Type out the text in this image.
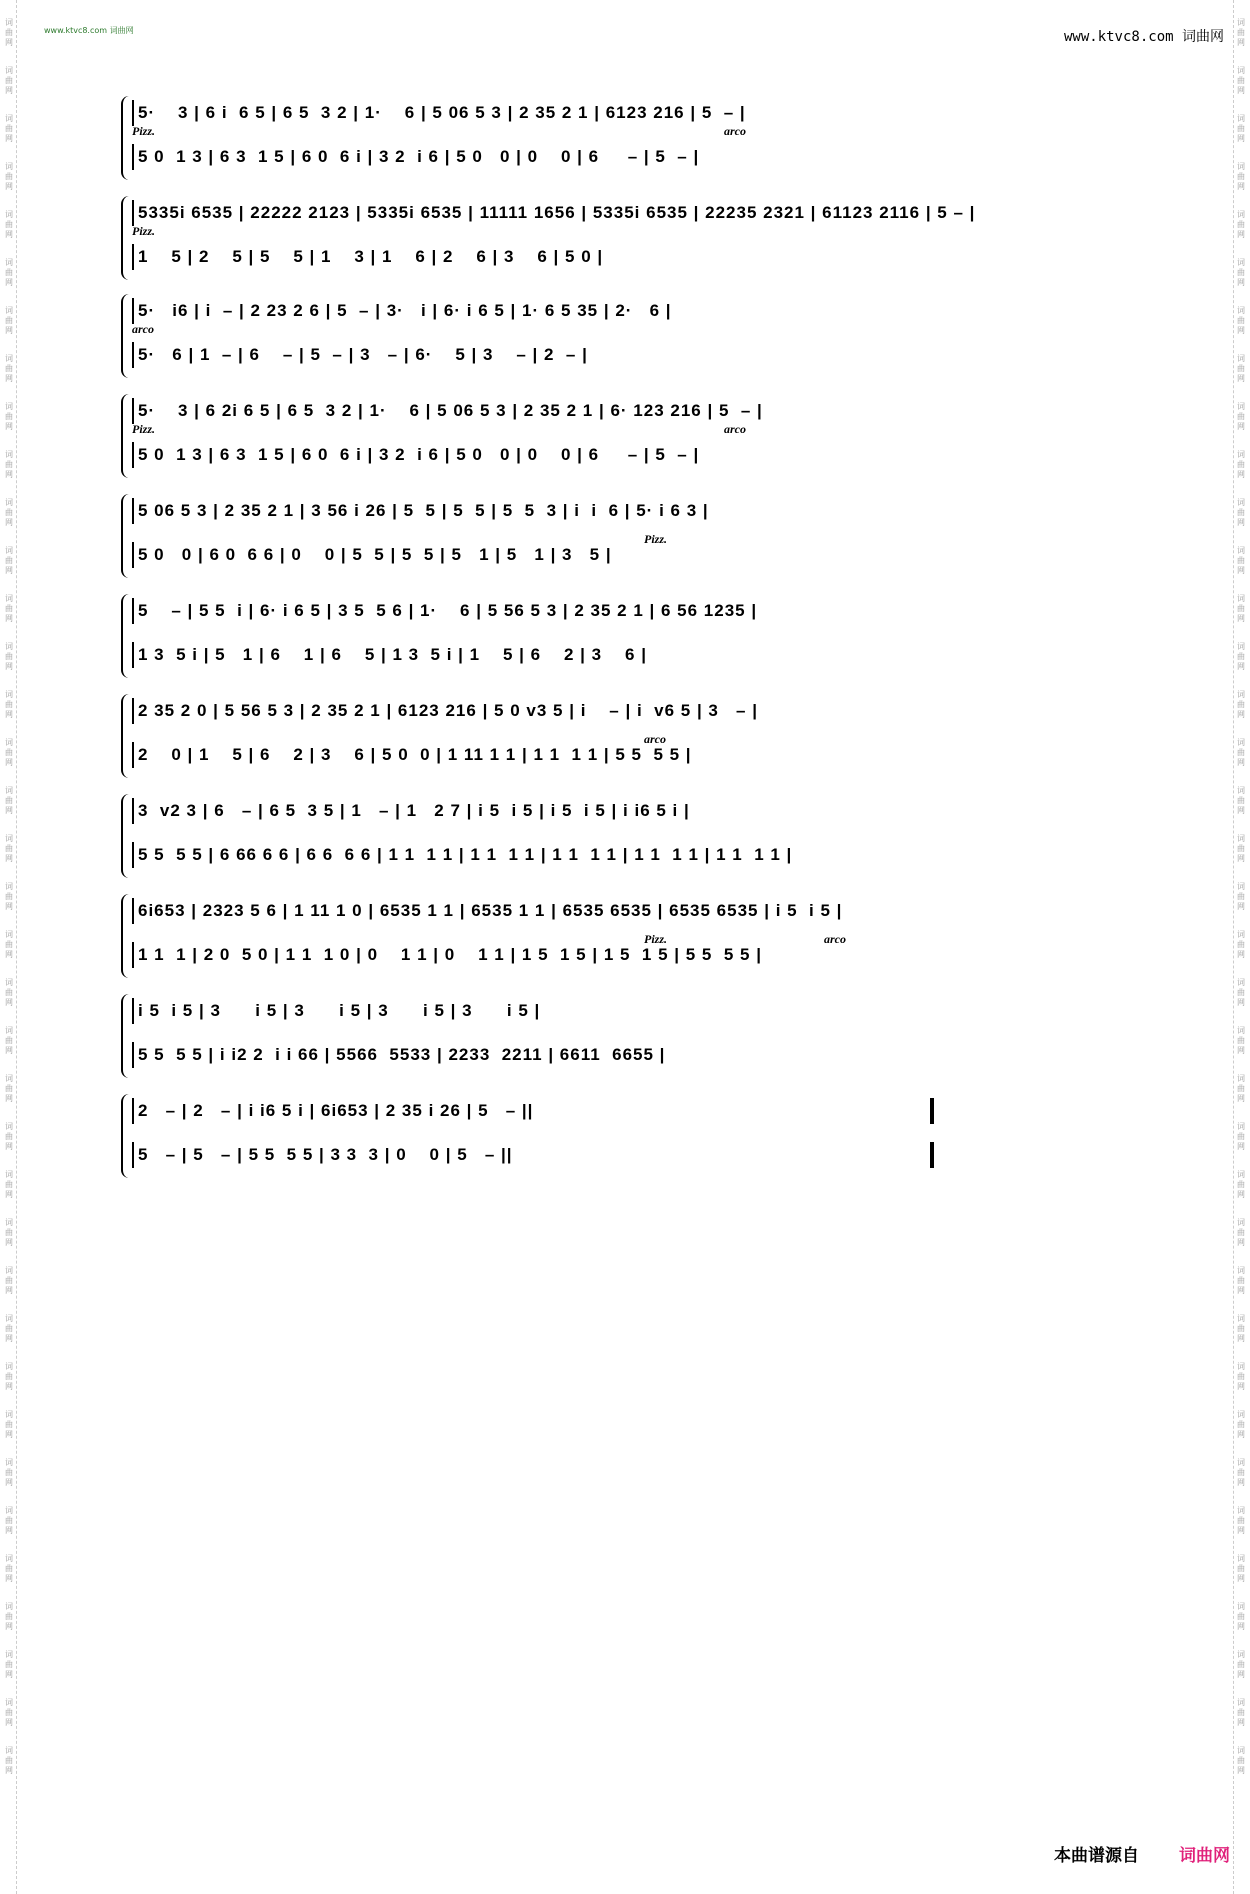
词
曲
网
词
曲
网
词
曲
网
词
曲
网
词
曲
网
词
曲
网
词
曲
网
词
曲
网
词
曲
网
词
曲
网
词
曲
网
词
曲
网
词
曲
网
词
曲
网
词
曲
网
词
曲
网
词
曲
网
词
曲
网
词
曲
网
词
曲
网
词
曲
网
词
曲
网
词
曲
网
词
曲
网
词
曲
网
词
曲
网
词
曲
网
词
曲
网
词
曲
网
词
曲
网
词
曲
网
词
曲
网
词
曲
网
词
曲
网
词
曲
网
词
曲
网
词
曲
网
词
曲
网
词
曲
网
词
曲
网
词
曲
网
词
曲
网
词
曲
网
词
曲
网
词
曲
网
词
曲
网
词
曲
网
词
曲
网
词
曲
网
词
曲
网
词
曲
网
词
曲
网
词
曲
网
词
曲
网
词
曲
网
词
曲
网
词
曲
网
词
曲
网
词
曲
网
词
曲
网
词
曲
网
词
曲
网
词
曲
网
词
曲
网
词
曲
网
词
曲
网
词
曲
网
词
曲
网
词
曲
网
词
曲
网
词
曲
网
词
曲
网
词
曲
网
词
曲
网
www.ktvc8.com 词曲网	www.ktvc8.com 词曲网
5·    3 | 6 i  6 5 | 6 5  3 2 | 1·    6 | 5 06 5 3 | 2 35 2 1 | 6123 216 | 5  – |
5 0  1 3 | 6 3  1 5 | 6 0  6 i | 3 2  i 6 | 5 0   0 | 0    0 | 6     – | 5  – |
Pizz.	arco
5335i 6535 | 22222 2123 | 5335i 6535 | 11111 1656 | 5335i 6535 | 22235 2321 | 61123 2116 | 5 – |
1    5 | 2    5 | 5    5 | 1    3 | 1    6 | 2    6 | 3    6 | 5 0 |
Pizz.
5·   i6 | i  – | 2 23 2 6 | 5  – | 3·   i | 6· i 6 5 | 1· 6 5 35 | 2·   6 |
5·   6 | 1  – | 6    – | 5  – | 3   – | 6·    5 | 3    – | 2  – |
arco
5·    3 | 6 2i 6 5 | 6 5  3 2 | 1·    6 | 5 06 5 3 | 2 35 2 1 | 6· 123 216 | 5  – |
5 0  1 3 | 6 3  1 5 | 6 0  6 i | 3 2  i 6 | 5 0   0 | 0    0 | 6     – | 5  – |
Pizz.	arco
5 06 5 3 | 2 35 2 1 | 3 56 i 26 | 5  5 | 5  5 | 5  5  3 | i  i  6 | 5· i 6 3 |
5 0   0 | 6 0  6 6 | 0    0 | 5  5 | 5  5 | 5   1 | 5   1 | 3   5 |
Pizz.
5    – | 5 5  i | 6· i 6 5 | 3 5  5 6 | 1·    6 | 5 56 5 3 | 2 35 2 1 | 6 56 1235 |
1 3  5 i | 5   1 | 6    1 | 6    5 | 1 3  5 i | 1    5 | 6    2 | 3    6 |
2 35 2 0 | 5 56 5 3 | 2 35 2 1 | 6123 216 | 5 0 v3 5 | i    – | i  v6 5 | 3   – |
2    0 | 1    5 | 6    2 | 3    6 | 5 0  0 | 1 11 1 1 | 1 1  1 1 | 5 5  5 5 |
arco
3  v2 3 | 6   – | 6 5  3 5 | 1   – | 1   2 7 | i 5  i 5 | i 5  i 5 | i i6 5 i |
5 5  5 5 | 6 66 6 6 | 6 6  6 6 | 1 1  1 1 | 1 1  1 1 | 1 1  1 1 | 1 1  1 1 | 1 1  1 1 |
6i653 | 2323 5 6 | 1 11 1 0 | 6535 1 1 | 6535 1 1 | 6535 6535 | 6535 6535 | i 5  i 5 |
1 1  1 | 2 0  5 0 | 1 1  1 0 | 0    1 1 | 0    1 1 | 1 5  1 5 | 1 5  1 5 | 5 5  5 5 |
Pizz.	arco
i 5  i 5 | 3      i 5 | 3      i 5 | 3      i 5 | 3      i 5 |
5 5  5 5 | i i2 2  i i 66 | 5566  5533 | 2233  2211 | 6611  6655 |
2   – | 2   – | i i6 5 i | 6i653 | 2 35 i 26 | 5   – ||
5   – | 5   – | 5 5  5 5 | 3 3  3 | 0    0 | 5   – ||
本曲谱源自 词曲网
